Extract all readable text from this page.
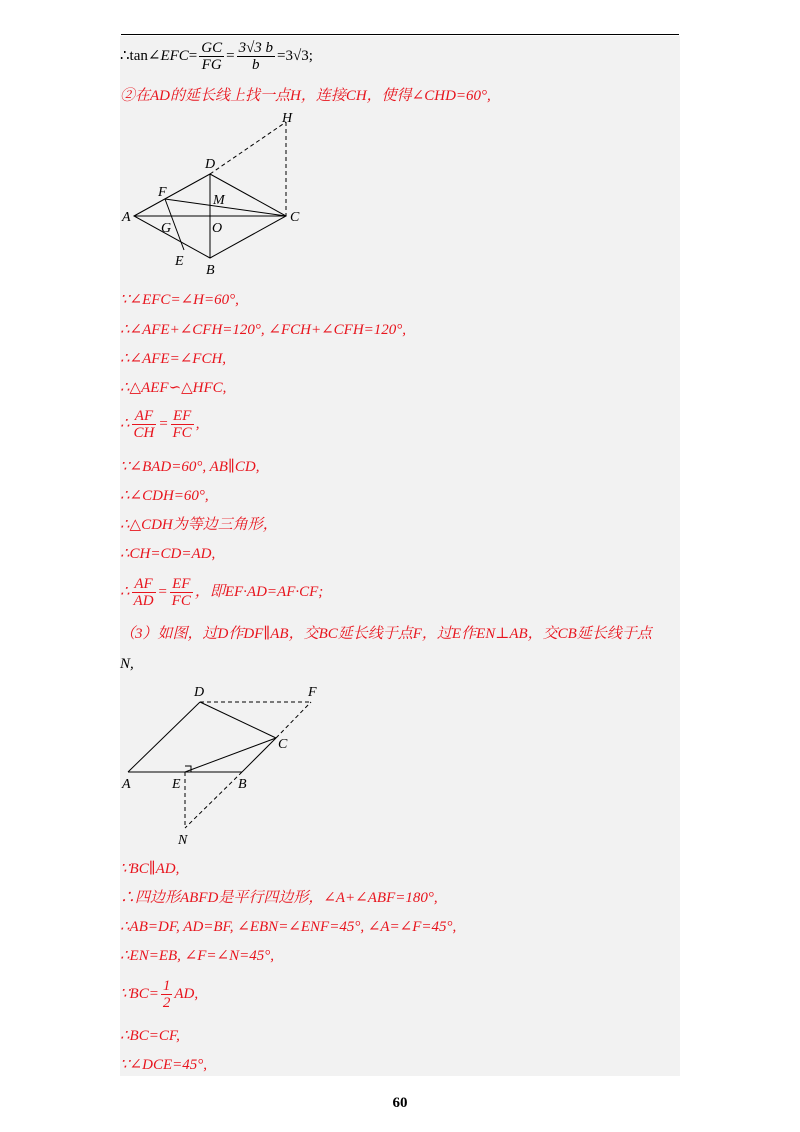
∴tan∠EFC= $\frac{GC}{FG} = \frac{3√3 b}{b} =3√3$;
②在AD的延长线上找一点H，连接CH，使得∠CHD=60°,
H
D
F
M
A
O
C
G
E
B
∵∠EFC=∠H=60°,
∴∠AFE+∠CFH=120°, ∠FCH+∠CFH=120°,
∴∠AFE=∠FCH,
∴△AEF∽△HFC,
∴ $\frac{AF}{CH} = \frac{EF}{FC}$ ,
∵∠BAD=60°, AB∥CD,
∴∠CDH=60°,
∴△CDH为等边三角形，
∴CH=CD=AD,
∴ $\frac{AF}{AD} = \frac{EF}{FC}$ ，即EF·AD=AF·CF;
（3）如图，过D作DF∥AB，交BC延长线于点F，过E作EN⊥AB，交CB延长线于点
N,
D	F
C
A	E	B
N
∵BC∥AD,
∴四边形ABFD是平行四边形，∠A+∠ABF=180°,
∴AB=DF, AD=BF, ∠EBN=∠ENF=45°, ∠A=∠F=45°,
∴EN=EB, ∠F=∠N=45°,
∵BC= $\frac{1}{2}$ AD,
∴BC=CF,
∵∠DCE=45°,
60
